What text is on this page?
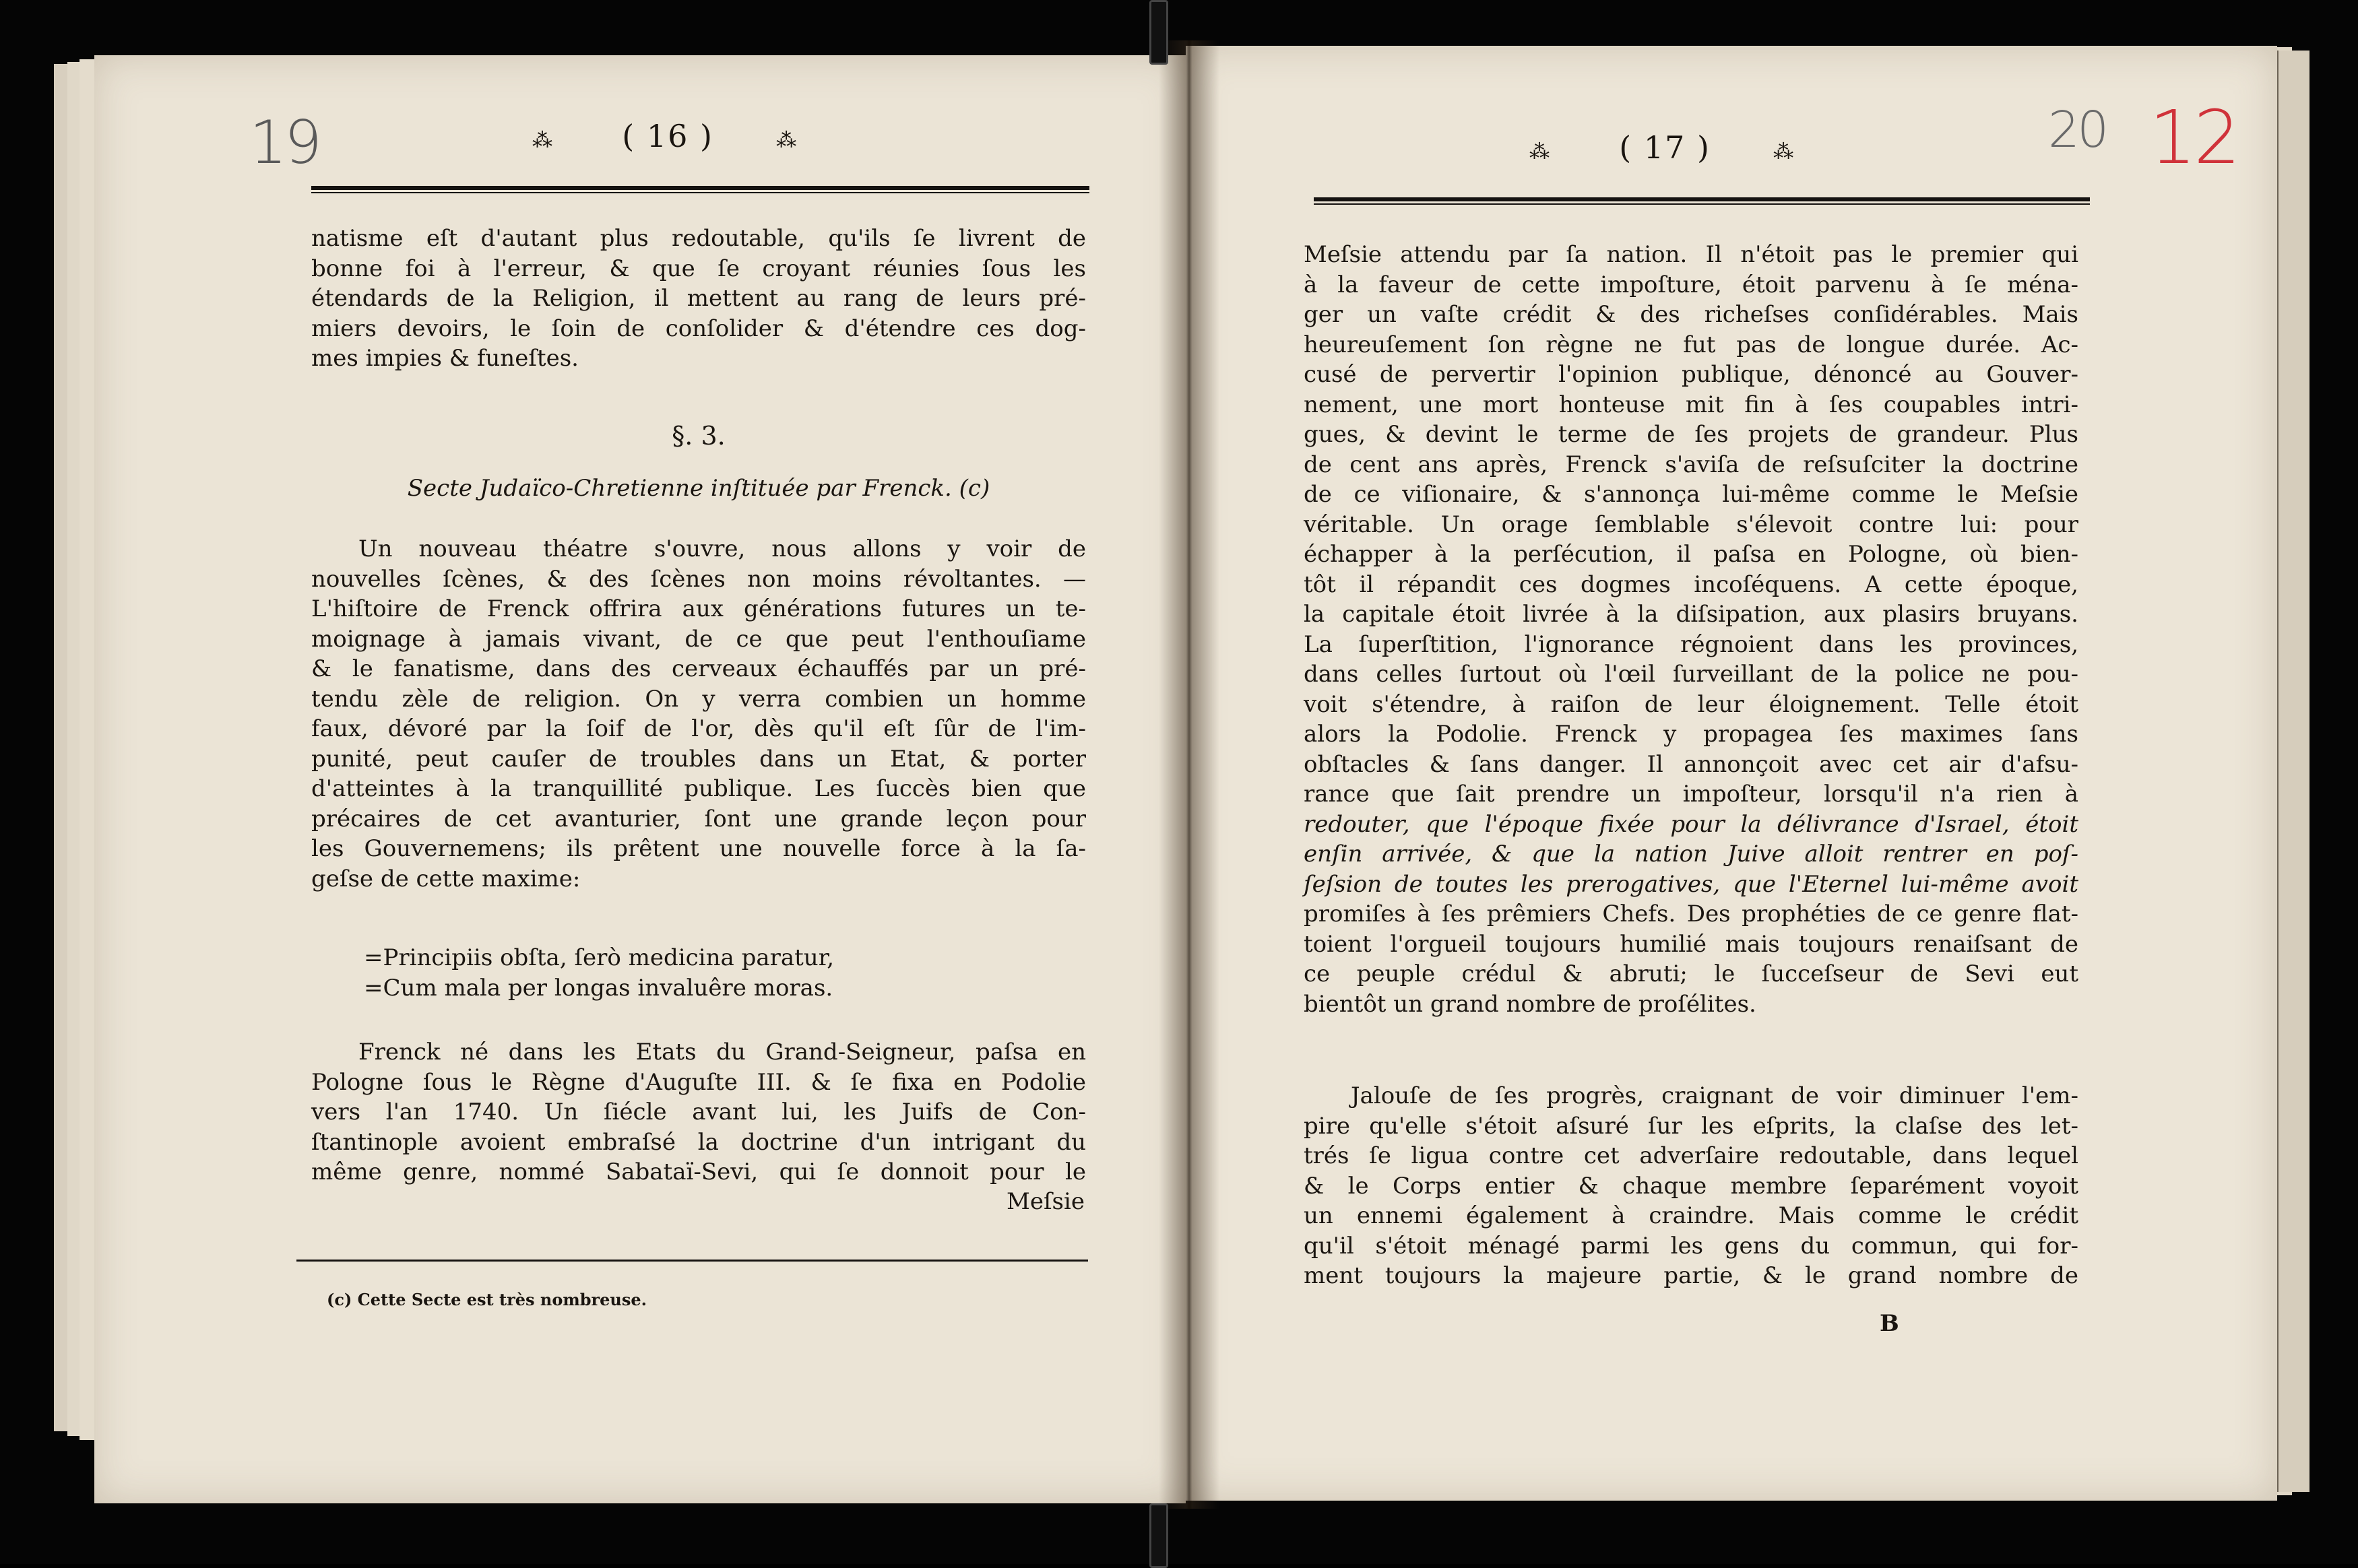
19	⁂ ( 16 )	⁂
natisme eſt d'autant plus redoutable, qu'ils ſe livrent de
bonne foi à l'erreur, & que ſe croyant réunies ſous les
étendards de la Religion, il mettent au rang de leurs pré-
miers devoirs, le ſoin de conſolider & d'étendre ces dog-
mes impies & funeſtes.
§. 3.
Secte Judaïco-Chretienne inſtituée par Frenck. (c)
Un nouveau théatre s'ouvre, nous allons y voir de
nouvelles ſcènes, & des ſcènes non moins révoltantes. —
L'hiſtoire de Frenck offrira aux générations futures un te-
moignage à jamais vivant, de ce que peut l'enthouſiame
& le fanatisme, dans des cerveaux échauffés par un pré-
tendu zèle de religion. On y verra combien un homme
faux, dévoré par la ſoif de l'or, dès qu'il eſt ſûr de l'im-
punité, peut cauſer de troubles dans un Etat, & porter
d'atteintes à la tranquillité publique. Les ſuccès bien que
précaires de cet avanturier, ſont une grande leçon pour
les Gouvernemens; ils prêtent une nouvelle force à la ſa-
geſse de cette maxime:
=Principiis obſta, ſerò medicina paratur,
=Cum mala per longas invaluêre moras.
Frenck né dans les Etats du Grand-Seigneur, paſsa en
Pologne ſous le Règne d'Auguſte III. & ſe fixa en Podolie
vers l'an 1740. Un ſiécle avant lui, les Juifs de Con-
ſtantinople avoient embraſsé la doctrine d'un intrigant du
même genre, nommé Sabataï-Sevi, qui ſe donnoit pour le
Meſsie
(c) Cette Secte est très nombreuse.
20 12
⁂ ( 17 )	⁂
Meſsie attendu par ſa nation. Il n'étoit pas le premier qui
à la faveur de cette impoſture, étoit parvenu à ſe ména-
ger un vaſte crédit & des richeſses conſidérables. Mais
heureuſement ſon règne ne fut pas de longue durée. Ac-
cusé de pervertir l'opinion publique, dénoncé au Gouver-
nement, une mort honteuse mit fin à ſes coupables intri-
gues, & devint le terme de ſes projets de grandeur. Plus
de cent ans après, Frenck s'aviſa de reſsuſciter la doctrine
de ce viſionaire, & s'annonça lui-même comme le Meſsie
véritable. Un orage ſemblable s'élevoit contre lui: pour
échapper à la perſécution, il paſsa en Pologne, où bien-
tôt il répandit ces dogmes incoſéquens. A cette époque,
la capitale étoit livrée à la diſsipation, aux plasirs bruyans.
La ſuperſtition, l'ignorance régnoient dans les provinces,
dans celles ſurtout où l'œil ſurveillant de la police ne pou-
voit s'étendre, à raiſon de leur éloignement. Telle étoit
alors la Podolie. Frenck y propagea ſes maximes ſans
obſtacles & ſans danger. Il annonçoit avec cet air d'afsu-
rance que ſait prendre un impoſteur, lorsqu'il n'a rien à
redouter, que l'époque fixée pour la délivrance d'Israel, étoit
enſin arrivée, & que la nation Juive alloit rentrer en poſ-
ſeſsion de toutes les prerogatives, que l'Eternel lui-même avoit
promiſes à ſes prêmiers Chefs. Des prophéties de ce genre flat-
toient l'orgueil toujours humilié mais toujours renaiſsant de
ce peuple crédul & abruti; le ſucceſseur de Sevi eut
bientôt un grand nombre de proſélites.
Jalouſe de ſes progrès, craignant de voir diminuer l'em-
pire qu'elle s'étoit aſsuré ſur les eſprits, la claſse des let-
trés ſe ligua contre cet adverſaire redoutable, dans lequel
& le Corps entier & chaque membre ſeparément voyoit
un ennemi également à craindre. Mais comme le crédit
qu'il s'étoit ménagé parmi les gens du commun, qui for-
ment toujours la majeure partie, & le grand nombre de
B
